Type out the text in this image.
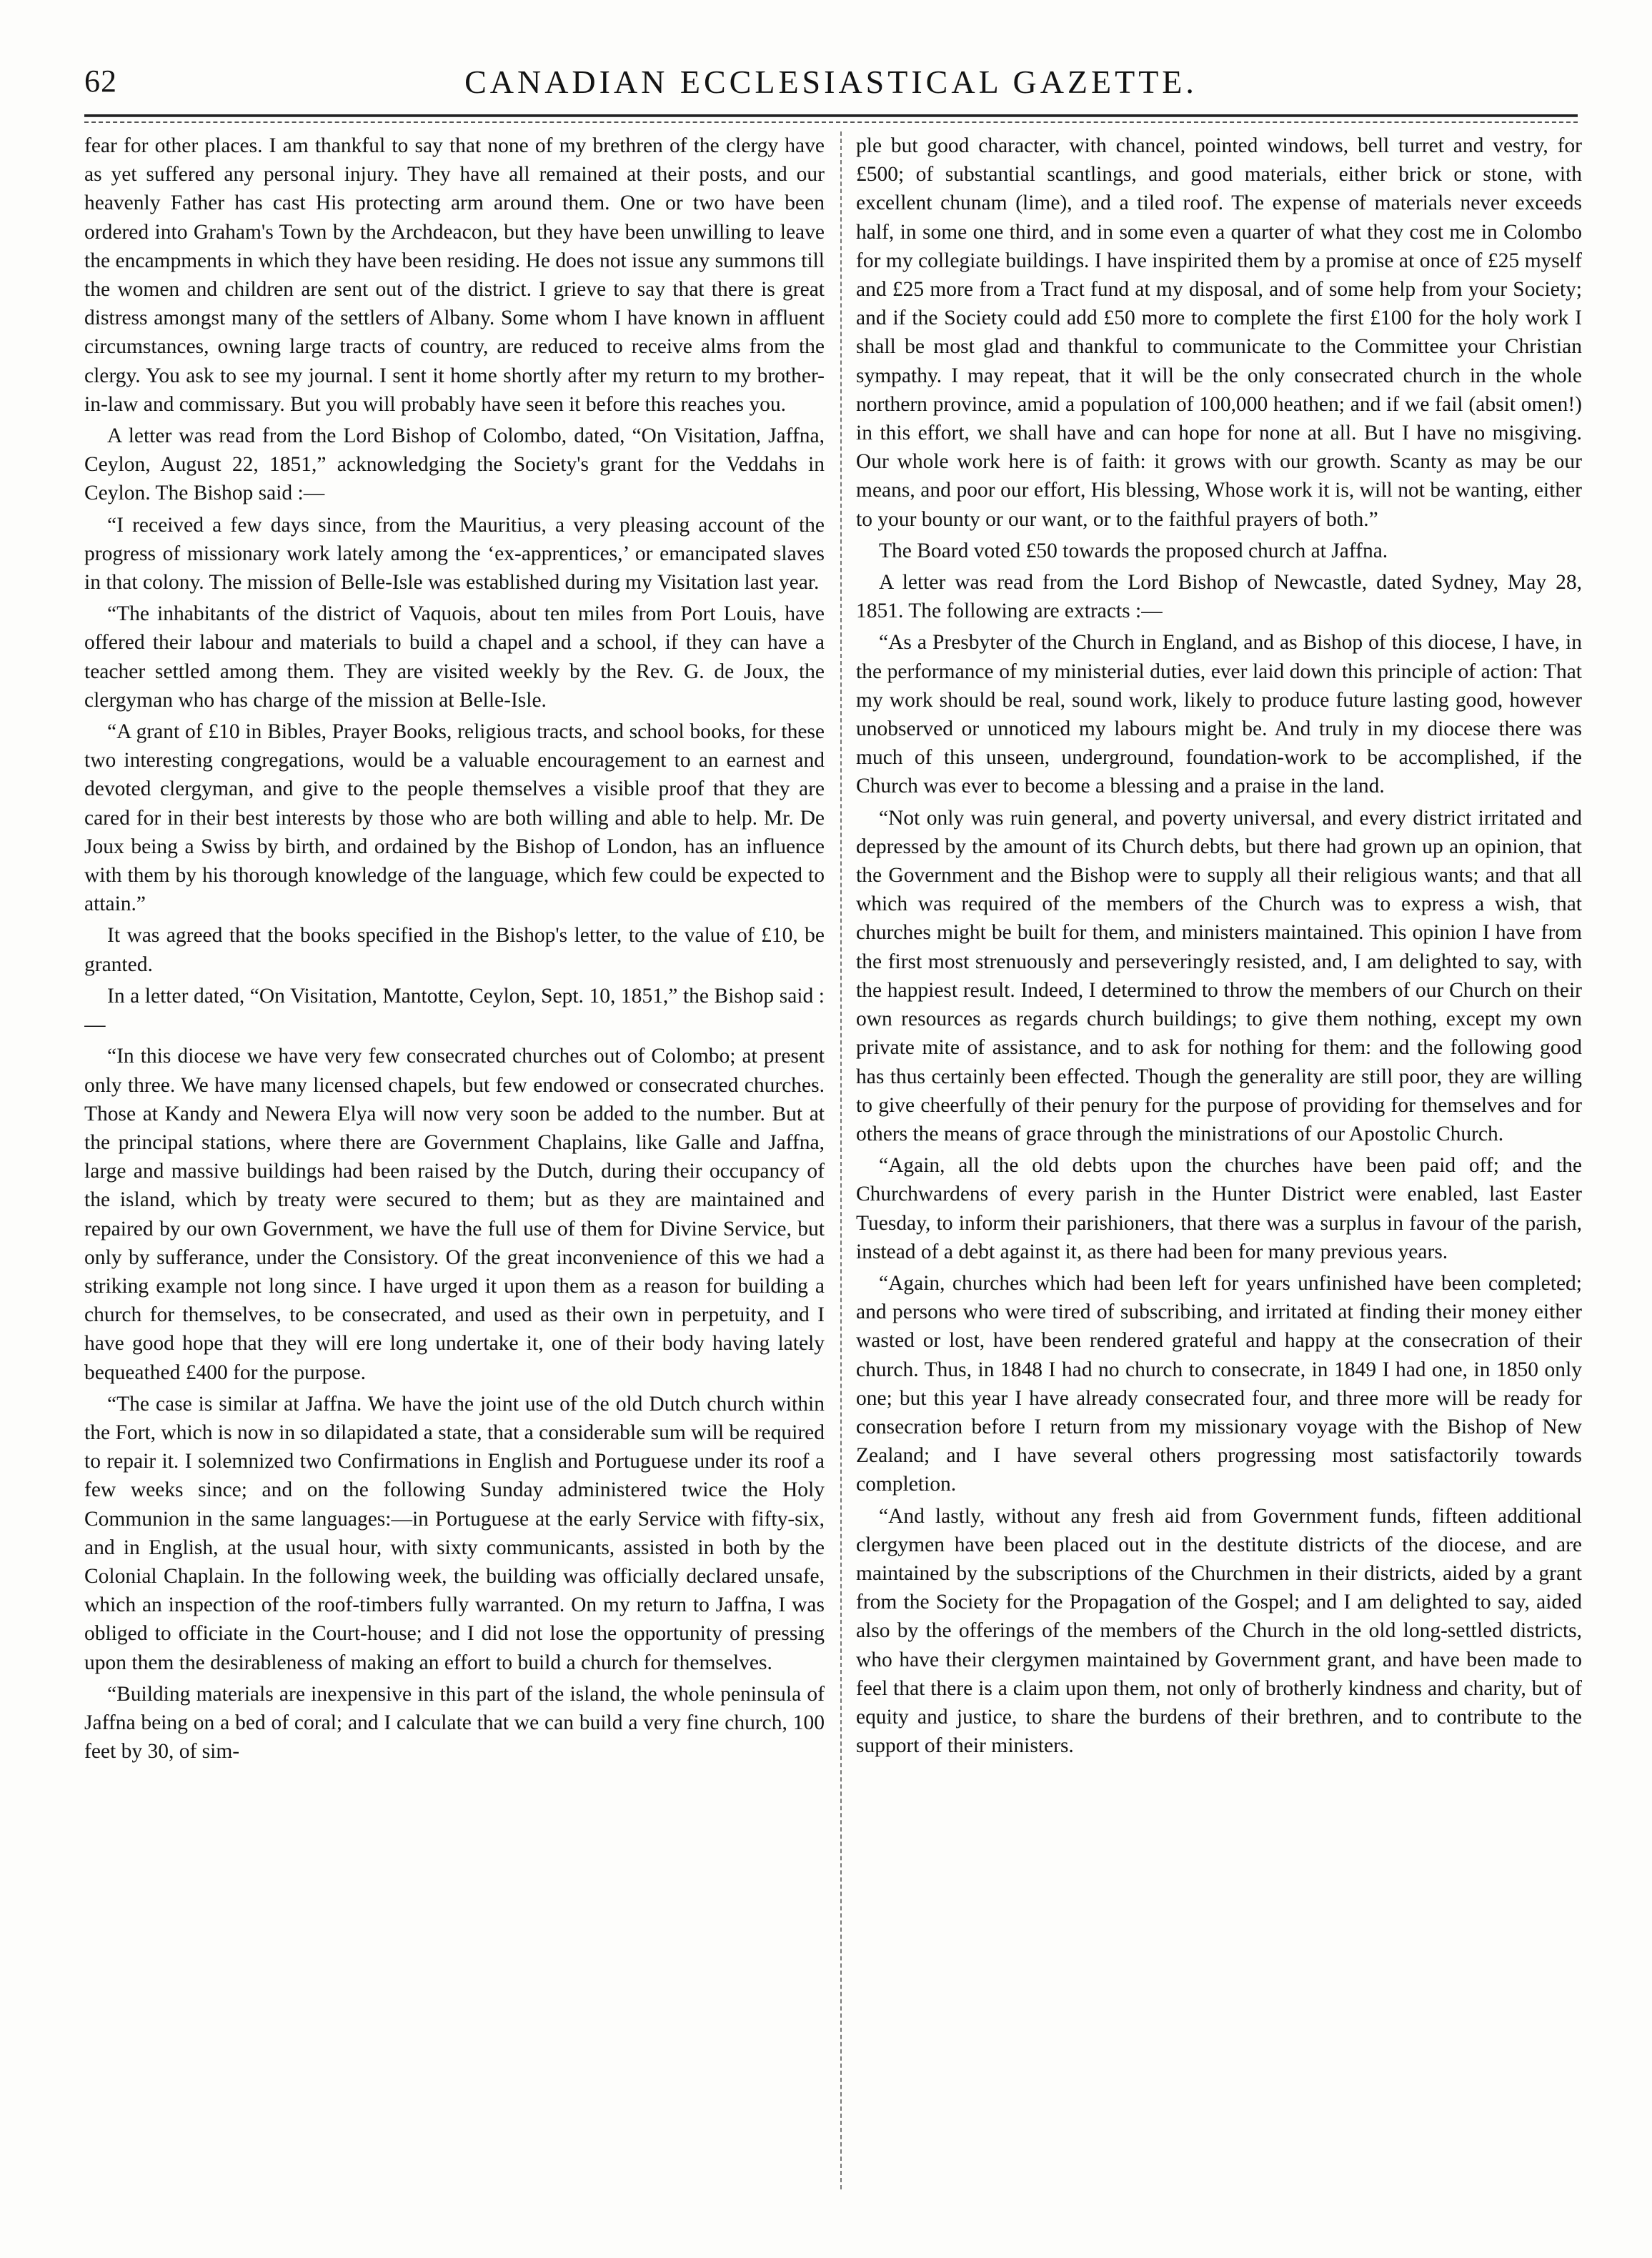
62	CANADIAN ECCLESIASTICAL GAZETTE.

fear for other places. I am thankful to say that none of my brethren of the clergy have as yet suffered any personal injury. They have all remained at their posts, and our heavenly Father has cast His protecting arm around them. One or two have been ordered into Graham's Town by the Archdeacon, but they have been unwilling to leave the encampments in which they have been residing. He does not issue any summons till the women and children are sent out of the district. I grieve to say that there is great distress amongst many of the settlers of Albany. Some whom I have known in affluent circumstances, owning large tracts of country, are reduced to receive alms from the clergy. You ask to see my journal. I sent it home shortly after my return to my brother-in-law and commissary. But you will probably have seen it before this reaches you.

A letter was read from the Lord Bishop of Colombo, dated, “On Visitation, Jaffna, Ceylon, August 22, 1851,” acknowledging the Society's grant for the Veddahs in Ceylon. The Bishop said :—

“I received a few days since, from the Mauritius, a very pleasing account of the progress of missionary work lately among the ‘ex-apprentices,’ or emancipated slaves in that colony. The mission of Belle-Isle was established during my Visitation last year.

“The inhabitants of the district of Vaquois, about ten miles from Port Louis, have offered their labour and materials to build a chapel and a school, if they can have a teacher settled among them. They are visited weekly by the Rev. G. de Joux, the clergyman who has charge of the mission at Belle-Isle.

“A grant of £10 in Bibles, Prayer Books, religious tracts, and school books, for these two interesting congregations, would be a valuable encouragement to an earnest and devoted clergyman, and give to the people themselves a visible proof that they are cared for in their best interests by those who are both willing and able to help. Mr. De Joux being a Swiss by birth, and ordained by the Bishop of London, has an influence with them by his thorough knowledge of the language, which few could be expected to attain.”

It was agreed that the books specified in the Bishop's letter, to the value of £10, be granted.

In a letter dated, “On Visitation, Mantotte, Ceylon, Sept. 10, 1851,” the Bishop said :—

“In this diocese we have very few consecrated churches out of Colombo; at present only three. We have many licensed chapels, but few endowed or consecrated churches. Those at Kandy and Newera Elya will now very soon be added to the number. But at the principal stations, where there are Government Chaplains, like Galle and Jaffna, large and massive buildings had been raised by the Dutch, during their occupancy of the island, which by treaty were secured to them; but as they are maintained and repaired by our own Government, we have the full use of them for Divine Service, but only by sufferance, under the Consistory. Of the great inconvenience of this we had a striking example not long since. I have urged it upon them as a reason for building a church for themselves, to be consecrated, and used as their own in perpetuity, and I have good hope that they will ere long undertake it, one of their body having lately bequeathed £400 for the purpose.

“The case is similar at Jaffna. We have the joint use of the old Dutch church within the Fort, which is now in so dilapidated a state, that a considerable sum will be required to repair it. I solemnized two Confirmations in English and Portuguese under its roof a few weeks since; and on the following Sunday administered twice the Holy Communion in the same languages:—in Portuguese at the early Service with fifty-six, and in English, at the usual hour, with sixty communicants, assisted in both by the Colonial Chaplain. In the following week, the building was officially declared unsafe, which an inspection of the roof-timbers fully warranted. On my return to Jaffna, I was obliged to officiate in the Court-house; and I did not lose the opportunity of pressing upon them the desirableness of making an effort to build a church for themselves.

“Building materials are inexpensive in this part of the island, the whole peninsula of Jaffna being on a bed of coral; and I calculate that we can build a very fine church, 100 feet by 30, of sim-

ple but good character, with chancel, pointed windows, bell turret and vestry, for £500; of substantial scantlings, and good materials, either brick or stone, with excellent chunam (lime), and a tiled roof. The expense of materials never exceeds half, in some one third, and in some even a quarter of what they cost me in Colombo for my collegiate buildings. I have inspirited them by a promise at once of £25 myself and £25 more from a Tract fund at my disposal, and of some help from your Society; and if the Society could add £50 more to complete the first £100 for the holy work I shall be most glad and thankful to communicate to the Committee your Christian sympathy. I may repeat, that it will be the only consecrated church in the whole northern province, amid a population of 100,000 heathen; and if we fail (absit omen!) in this effort, we shall have and can hope for none at all. But I have no misgiving. Our whole work here is of faith: it grows with our growth. Scanty as may be our means, and poor our effort, His blessing, Whose work it is, will not be wanting, either to your bounty or our want, or to the faithful prayers of both.”

The Board voted £50 towards the proposed church at Jaffna.

A letter was read from the Lord Bishop of Newcastle, dated Sydney, May 28, 1851. The following are extracts :—

“As a Presbyter of the Church in England, and as Bishop of this diocese, I have, in the performance of my ministerial duties, ever laid down this principle of action: That my work should be real, sound work, likely to produce future lasting good, however unobserved or unnoticed my labours might be. And truly in my diocese there was much of this unseen, underground, foundation-work to be accomplished, if the Church was ever to become a blessing and a praise in the land.

“Not only was ruin general, and poverty universal, and every district irritated and depressed by the amount of its Church debts, but there had grown up an opinion, that the Government and the Bishop were to supply all their religious wants; and that all which was required of the members of the Church was to express a wish, that churches might be built for them, and ministers maintained. This opinion I have from the first most strenuously and perseveringly resisted, and, I am delighted to say, with the happiest result. Indeed, I determined to throw the members of our Church on their own resources as regards church buildings; to give them nothing, except my own private mite of assistance, and to ask for nothing for them: and the following good has thus certainly been effected. Though the generality are still poor, they are willing to give cheerfully of their penury for the purpose of providing for themselves and for others the means of grace through the ministrations of our Apostolic Church.

“Again, all the old debts upon the churches have been paid off; and the Churchwardens of every parish in the Hunter District were enabled, last Easter Tuesday, to inform their parishioners, that there was a surplus in favour of the parish, instead of a debt against it, as there had been for many previous years.

“Again, churches which had been left for years unfinished have been completed; and persons who were tired of subscribing, and irritated at finding their money either wasted or lost, have been rendered grateful and happy at the consecration of their church. Thus, in 1848 I had no church to consecrate, in 1849 I had one, in 1850 only one; but this year I have already consecrated four, and three more will be ready for consecration before I return from my missionary voyage with the Bishop of New Zealand; and I have several others progressing most satisfactorily towards completion.

“And lastly, without any fresh aid from Government funds, fifteen additional clergymen have been placed out in the destitute districts of the diocese, and are maintained by the subscriptions of the Churchmen in their districts, aided by a grant from the Society for the Propagation of the Gospel; and I am delighted to say, aided also by the offerings of the members of the Church in the old long-settled districts, who have their clergymen maintained by Government grant, and have been made to feel that there is a claim upon them, not only of brotherly kindness and charity, but of equity and justice, to share the burdens of their brethren, and to contribute to the support of their ministers.
